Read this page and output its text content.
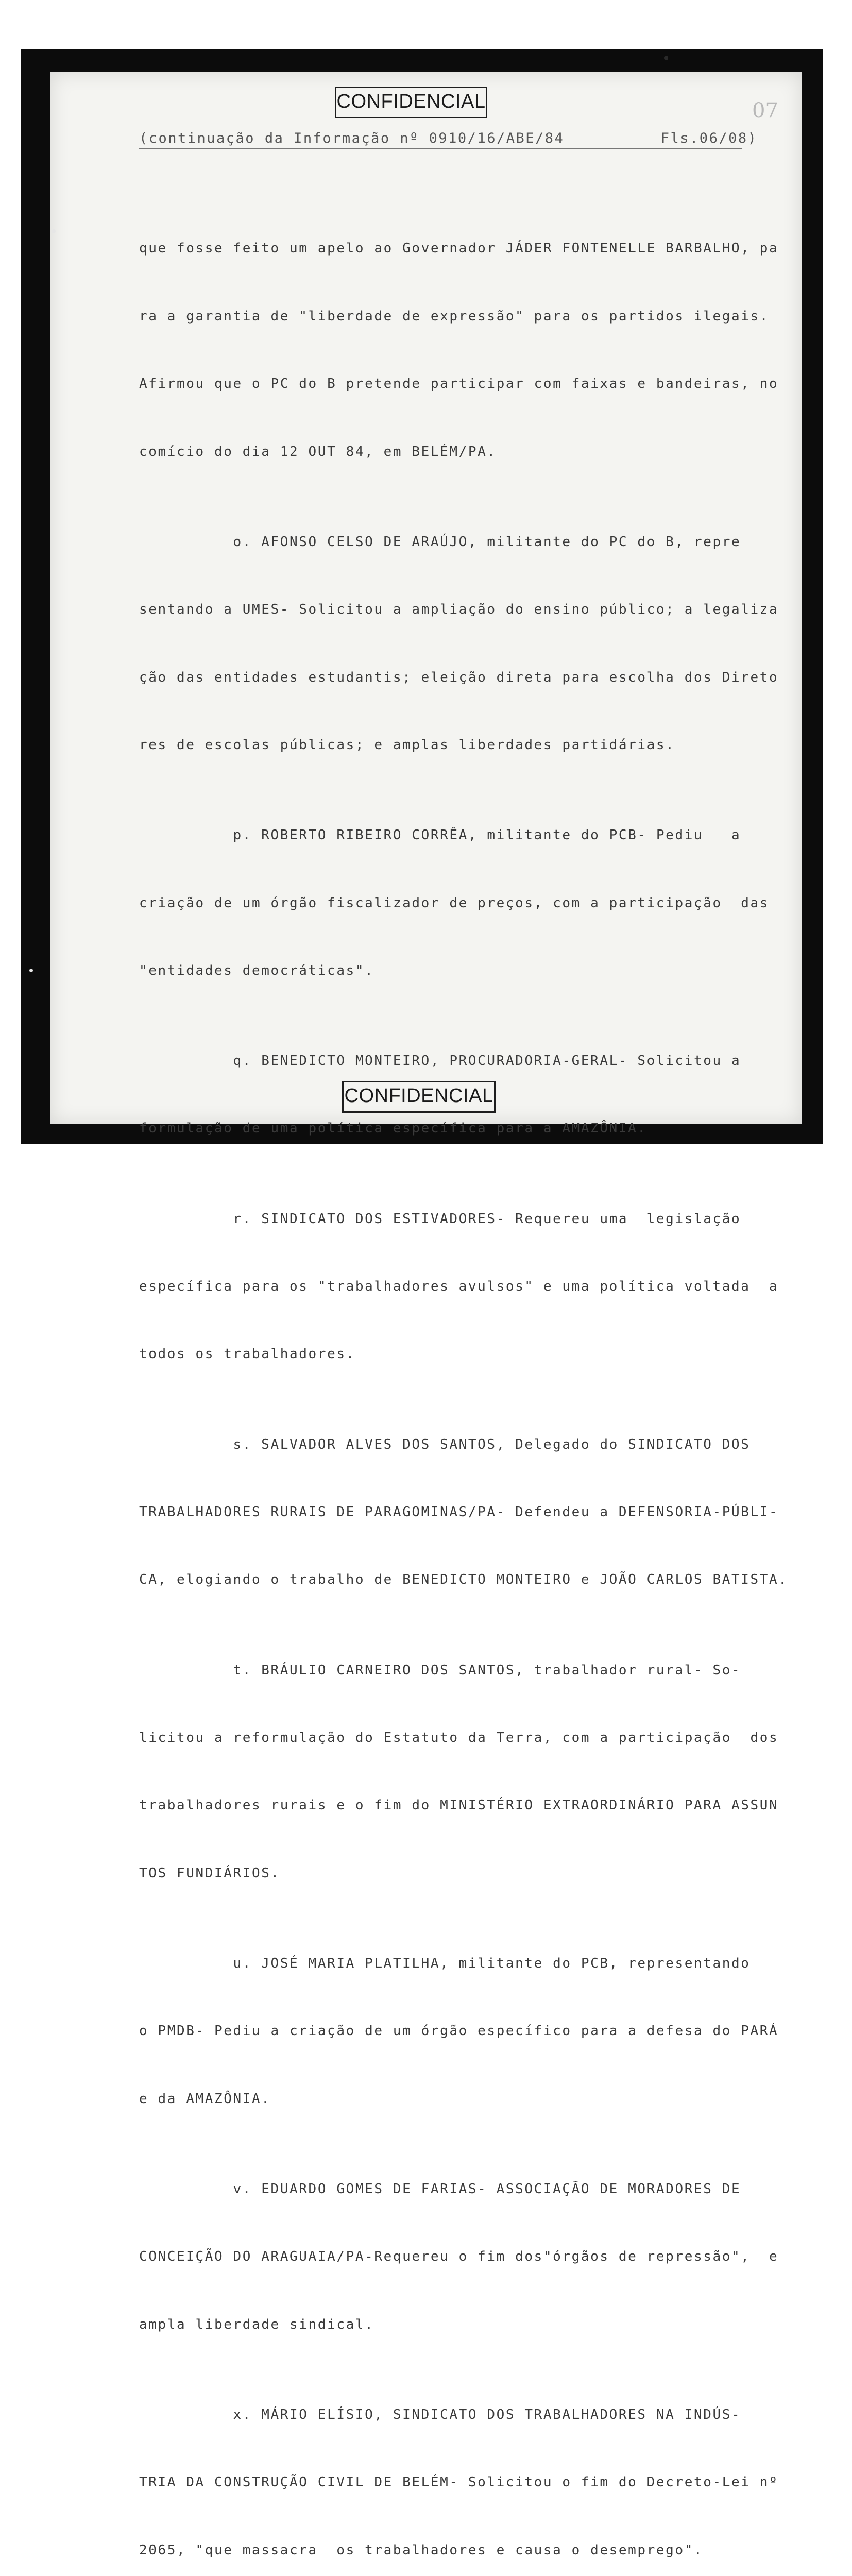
CONFIDENCIAL	07
(continuação da Informação nº 0910/16/ABE/84          Fls.06/08)

que fosse feito um apelo ao Governador JÁDER FONTENELLE BARBALHO, pa

ra a garantia de "liberdade de expressão" para os partidos ilegais.

Afirmou que o PC do B pretende participar com faixas e bandeiras, no

comício do dia 12 OUT 84, em BELÉM/PA.

o. AFONSO CELSO DE ARAÚJO, militante do PC do B, repre

sentando a UMES- Solicitou a ampliação do ensino público; a legaliza

ção das entidades estudantis; eleição direta para escolha dos Direto

res de escolas públicas; e amplas liberdades partidárias.

p. ROBERTO RIBEIRO CORRÊA, militante do PCB- Pediu   a

criação de um órgão fiscalizador de preços, com a participação  das

"entidades democráticas".

q. BENEDICTO MONTEIRO, PROCURADORIA-GERAL- Solicitou a

formulação de uma política específica para a AMAZÔNIA.

r. SINDICATO DOS ESTIVADORES- Requereu uma  legislação

específica para os "trabalhadores avulsos" e uma política voltada  a

todos os trabalhadores.

s. SALVADOR ALVES DOS SANTOS, Delegado do SINDICATO DOS

TRABALHADORES RURAIS DE PARAGOMINAS/PA- Defendeu a DEFENSORIA-PÚBLI-

CA, elogiando o trabalho de BENEDICTO MONTEIRO e JOÃO CARLOS BATISTA.

t. BRÁULIO CARNEIRO DOS SANTOS, trabalhador rural- So-

licitou a reformulação do Estatuto da Terra, com a participação  dos

trabalhadores rurais e o fim do MINISTÉRIO EXTRAORDINÁRIO PARA ASSUN

TOS FUNDIÁRIOS.

u. JOSÉ MARIA PLATILHA, militante do PCB, representando

o PMDB- Pediu a criação de um órgão específico para a defesa do PARÁ

e da AMAZÔNIA.

v. EDUARDO GOMES DE FARIAS- ASSOCIAÇÃO DE MORADORES DE

CONCEIÇÃO DO ARAGUAIA/PA-Requereu o fim dos"órgãos de repressão",  e

ampla liberdade sindical.

x. MÁRIO ELÍSIO, SINDICATO DOS TRABALHADORES NA INDÚS-

TRIA DA CONSTRUÇÃO CIVIL DE BELÉM- Solicitou o fim do Decreto-Lei nº

2065, "que massacra  os trabalhadores e causa o desemprego".

CONFIDENCIAL
